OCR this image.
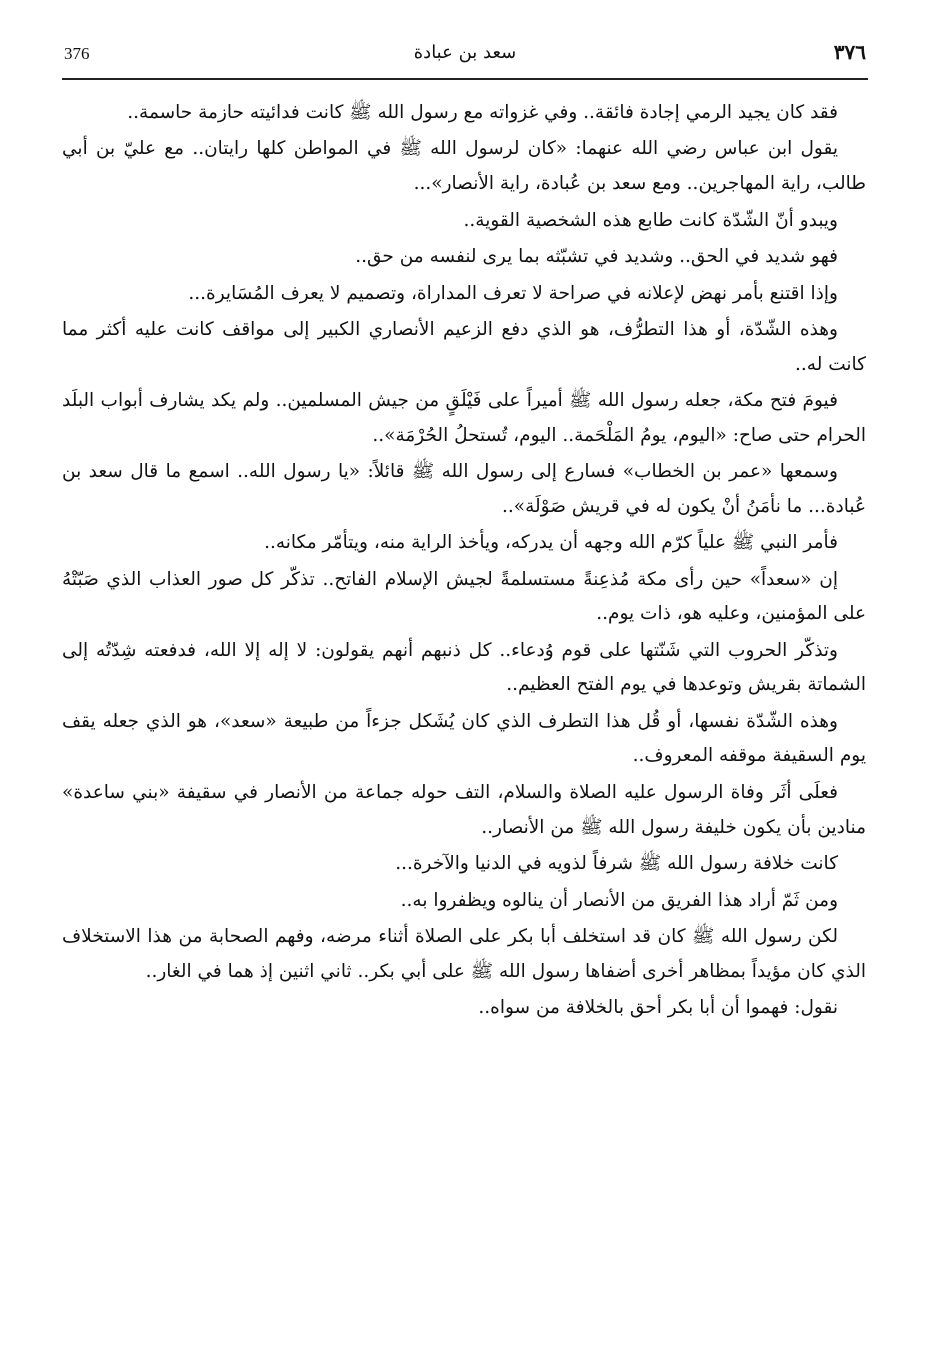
376	سعد بن عبادة	٣٧٦

فقد كان يجيد الرمي إجادة فائقة.. وفي غزواته مع رسول الله ﷺ كانت فدائيته حازمة حاسمة..

يقول ابن عباس رضي الله عنهما: «كان لرسول الله ﷺ في المواطن كلها رايتان.. مع عليّ بن أبي طالب، راية المهاجرين.. ومع سعد بن عُبادة، راية الأنصار»...

ويبدو أنّ الشّدّة كانت طابع هذه الشخصية القوية..

فهو شديد في الحق.. وشديد في تشبّثه بما يرى لنفسه من حق..

وإذا اقتنع بأمر نهض لإعلانه في صراحة لا تعرف المداراة، وتصميم لا يعرف المُسَايرة...

وهذه الشّدّة، أو هذا التطرُّف، هو الذي دفع الزعيم الأنصاري الكبير إلى مواقف كانت عليه أكثر مما كانت له..

فيومَ فتح مكة، جعله رسول الله ﷺ أميراً على فَيْلَقٍ من جيش المسلمين.. ولم يكد يشارف أبواب البلَد الحرام حتى صاح: «اليوم، يومُ المَلْحَمة.. اليوم، تُستحلُ الحُرْمَة»..

وسمعها «عمر بن الخطاب» فسارع إلى رسول الله ﷺ قائلاً: «يا رسول الله.. اسمع ما قال سعد بن عُبادة... ما نأمَنُ أنْ يكون له في قريش صَوْلَة»..

فأمر النبي ﷺ علياً كرّم الله وجهه أن يدركه، ويأخذ الراية منه، ويتأمّر مكانه..

إن «سعداً» حين رأى مكة مُذعِنةً مستسلمةً لجيش الإسلام الفاتح.. تذكّر كل صور العذاب الذي صَبّتْهُ على المؤمنين، وعليه هو، ذات يوم..

وتذكّر الحروب التي شَنّتها على قوم وُدعاء.. كل ذنبهم أنهم يقولون: لا إله إلا الله، فدفعته شِدّتُه إلى الشماتة بقريش وتوعدها في يوم الفتح العظيم..

وهذه الشّدّة نفسها، أو قُل هذا التطرف الذي كان يُشَكل جزءاً من طبيعة «سعد»، هو الذي جعله يقف يوم السقيفة موقفه المعروف..

فعلَى أثَر وفاة الرسول عليه الصلاة والسلام، التف حوله جماعة من الأنصار في سقيفة «بني ساعدة» منادين بأن يكون خليفة رسول الله ﷺ من الأنصار..

كانت خلافة رسول الله ﷺ شرفاً لذويه في الدنيا والآخرة...

ومن ثَمّ أراد هذا الفريق من الأنصار أن ينالوه ويظفروا به..

لكن رسول الله ﷺ كان قد استخلف أبا بكر على الصلاة أثناء مرضه، وفهم الصحابة من هذا الاستخلاف الذي كان مؤيداً بمظاهر أخرى أضفاها رسول الله ﷺ على أبي بكر.. ثاني اثنين إذ هما في الغار..

نقول: فهموا أن أبا بكر أحق بالخلافة من سواه..
